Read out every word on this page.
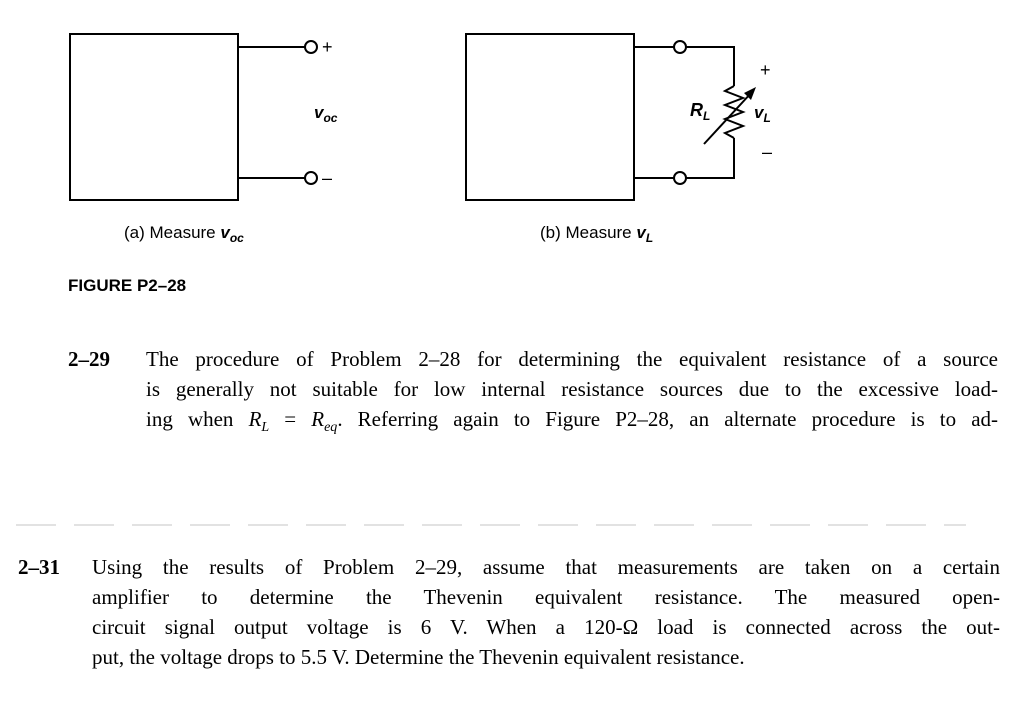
+
–
$v_{oc}$	$R_L$	$v_L$
+
–
(a) Measure $v_{oc}$	(b) Measure $v_L$
FIGURE P2–28
2–29 The procedure of Problem 2–28 for determining the equivalent resistance of a source
is generally not suitable for low internal resistance sources due to the excessive load-
ing when $R_L = R_{eq}$. Referring again to Figure P2–28, an alternate procedure is to ad-
2–31 Using the results of Problem 2–29, assume that measurements are taken on a certain
amplifier to determine the Thevenin equivalent resistance. The measured open-
circuit signal output voltage is 6 V. When a 120-Ω load is connected across the out-
put, the voltage drops to 5.5 V. Determine the Thevenin equivalent resistance.
